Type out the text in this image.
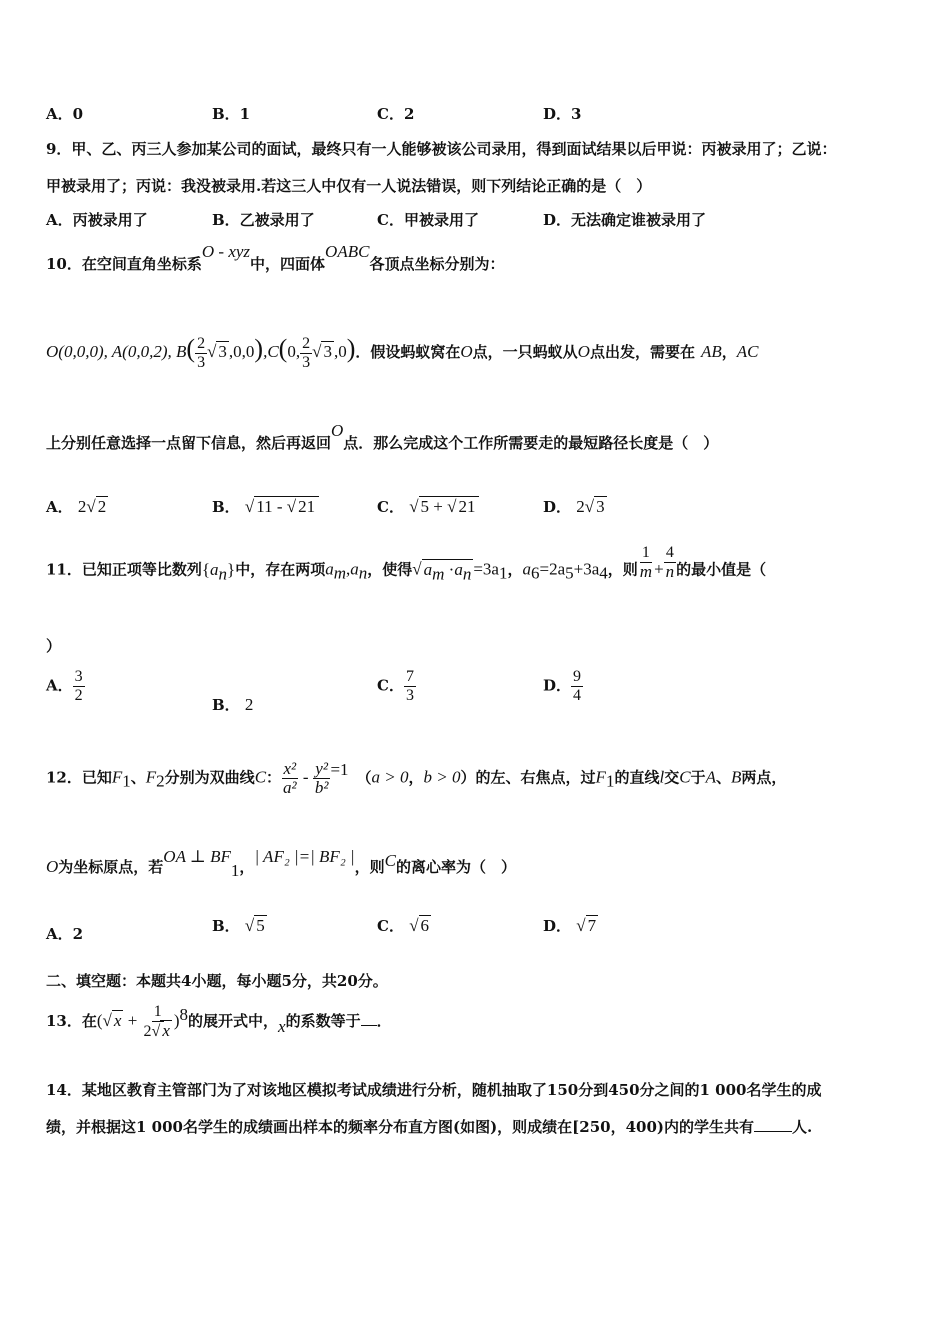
A．0	B．1	C．2	D．3
9．甲、乙、丙三人参加某公司的面试，最终只有一人能够被该公司录用，得到面试结果以后甲说：丙被录用了；乙说：
甲被录用了；丙说：我没被录用.若这三人中仅有一人说法错误，则下列结论正确的是（　）
A．丙被录用了	B．乙被录用了	C．甲被录用了	D．无法确定谁被录用了
10．在空间直角坐标系O - xyz中，四面体OABC各顶点坐标分别为：
O(0,0,0), A(0,0,2), $B( \frac{2}{3}$ √ 3 ,0,0),C(0, $\frac{2}{3}$ √ 3 ,0)．假设蚂蚁窝在O点，一只蚂蚁从O点出发，需要在 AB，AC
上分别任意选择一点留下信息，然后再返回O点．那么完成这个工作所需要走的最短路径长度是（　）
A． 2√ 2	B． √ 11 - √ 21	C． √ 5 + √ 21	D． 2√ 3
11．已知正项等比数列$\{a_n\}$中，存在两项$a_m,a_n$，使得√ $a_m \cdot a_n =3a_1$，$a_6=2a_5+3a_4$，则 $\frac{1}{m} + \frac{4}{n}$ 的最小值是（
）
A． $\frac{3}{2}$	B． 2
C． $\frac{7}{3}$	D． $\frac{9}{4}$
12．已知$F_1$、$F_2$分别为双曲线C： $\frac{\text{x²}}{\text{a²}} - \frac{\text{y²}}{\text{b²}} =1$ （a > 0，b > 0）的左、右焦点，过$F_1$的直线l交C于A、B两点，
O为坐标原点，若OA ⊥ $BF_1$，| AF₂ |=| BF₂ |，则C的离心率为（　）
A．2	B． √ 5	C． √ 6	D． √ 7
二、填空题：本题共4小题，每小题5分，共20分。
13．在(√ $x + \frac{1}{2√ x} )^8$的展开式中，x的系数等于 ．
14．某地区教育主管部门为了对该地区模拟考试成绩进行分析，随机抽取了150分到450分之间的1 000名学生的成
绩，并根据这1 000名学生的成绩画出样本的频率分布直方图(如图)，则成绩在[250，400)内的学生共有	人.
